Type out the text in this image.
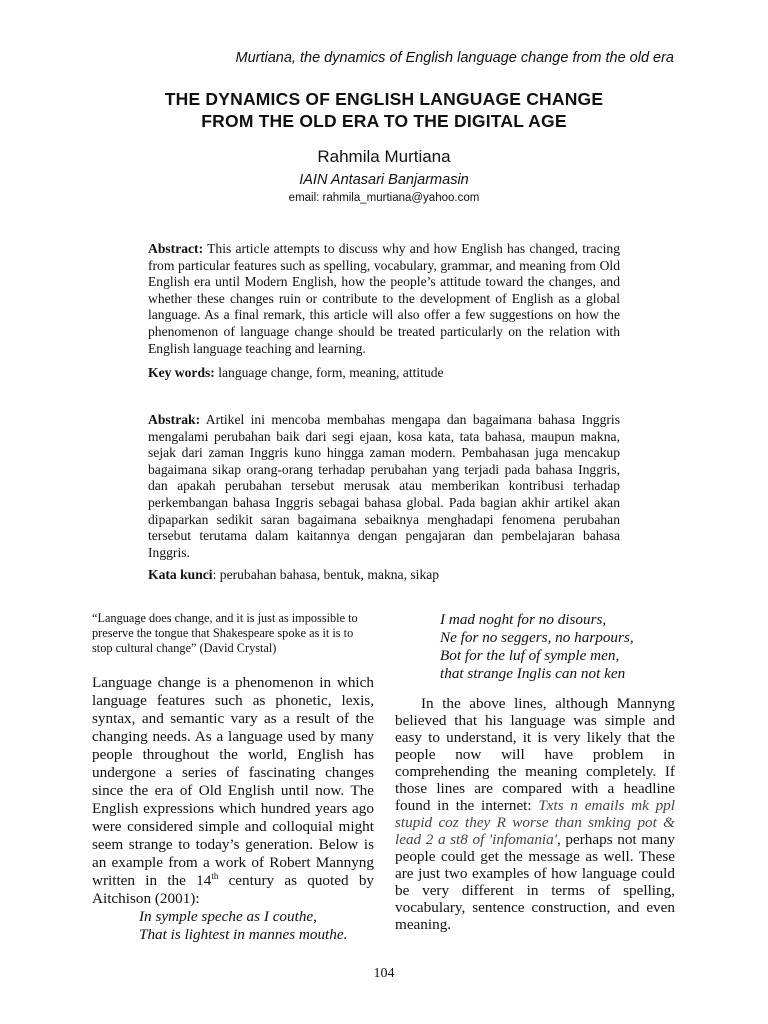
Murtiana, the dynamics of English language change from the old era
THE DYNAMICS OF ENGLISH LANGUAGE CHANGE
FROM THE OLD ERA TO THE DIGITAL AGE
Rahmila Murtiana
IAIN Antasari Banjarmasin
email: rahmila_murtiana@yahoo.com
Abstract: This article attempts to discuss why and how English has changed, tracing from particular features such as spelling, vocabulary, grammar, and meaning from Old English era until Modern English, how the people’s attitude toward the changes, and whether these changes ruin or contribute to the development of English as a global language. As a final remark, this article will also offer a few suggestions on how the phenomenon of language change should be treated particularly on the relation with English language teaching and learning.
Key words: language change, form, meaning, attitude
Abstrak: Artikel ini mencoba membahas mengapa dan bagaimana bahasa Inggris mengalami perubahan baik dari segi ejaan, kosa kata, tata bahasa, maupun makna, sejak dari zaman Inggris kuno hingga zaman modern. Pembahasan juga mencakup bagaimana sikap orang-orang terhadap perubahan yang terjadi pada bahasa Inggris, dan apakah perubahan tersebut merusak atau memberikan kontribusi terhadap perkembangan bahasa Inggris sebagai bahasa global. Pada bagian akhir artikel akan dipaparkan sedikit saran bagaimana sebaiknya menghadapi fenomena perubahan tersebut terutama dalam kaitannya dengan pengajaran dan pembelajaran bahasa Inggris.
Kata kunci: perubahan bahasa, bentuk, makna, sikap
“Language does change, and it is just as impossible to preserve the tongue that Shakespeare spoke as it is to stop cultural change” (David Crystal)
Language change is a phenomenon in which language features such as phonetic, lexis, syntax, and semantic vary as a result of the changing needs. As a language used by many people throughout the world, English has undergone a series of fascinating changes since the era of Old English until now. The English expressions which hundred years ago were considered simple and colloquial might seem strange to today’s generation. Below is an example from a work of Robert Mannyng written in the 14th century as quoted by Aitchison (2001):
In symple speche as I couthe,
That is lightest in mannes mouthe.
I mad noght for no disours,
Ne for no seggers, no harpours,
Bot for the luf of symple men,
that strange Inglis can not ken
In the above lines, although Mannyng believed that his language was simple and easy to understand, it is very likely that the people now will have problem in comprehending the meaning completely. If those lines are compared with a headline found in the internet: Txts n emails mk ppl stupid coz they R worse than smking pot & lead 2 a st8 of 'infomania', perhaps not many people could get the message as well. These are just two examples of how language could be very different in terms of spelling, vocabulary, sentence construction, and even meaning.
104
